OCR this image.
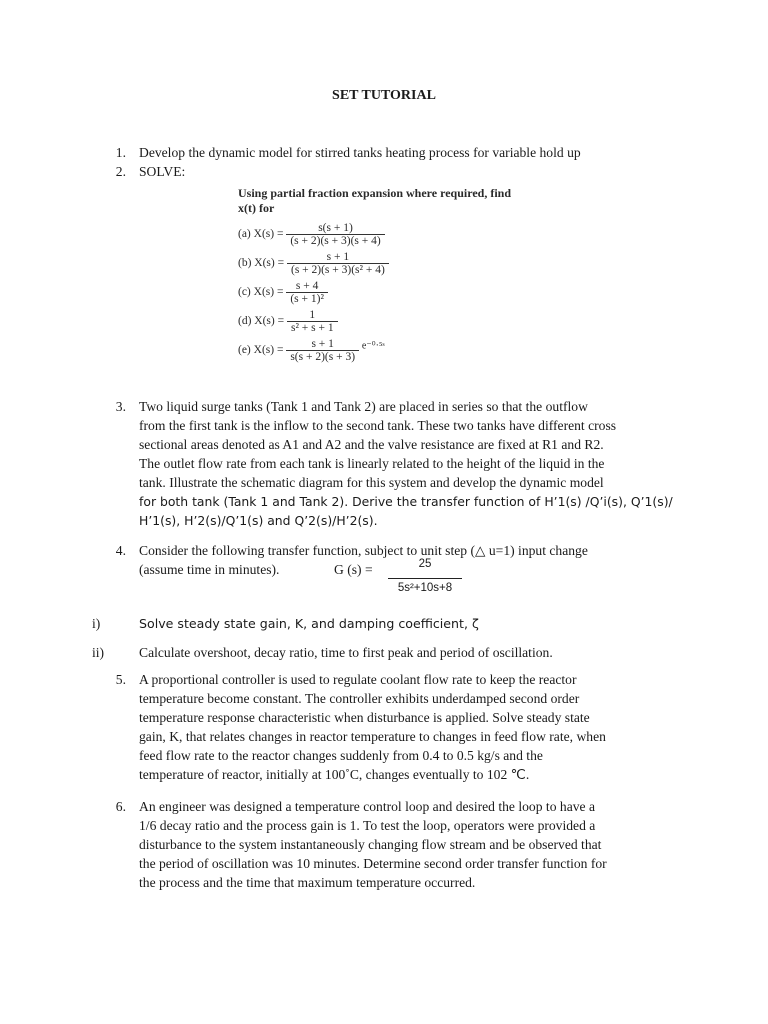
SET TUTORIAL
1. Develop the dynamic model for stirred tanks heating process for variable hold up
2. SOLVE:
Using partial fraction expansion where required, find
x(t) for
(a) $X(s) = \frac{s(s + 1)}{(s + 2)(s + 3)(s + 4)}$
(b) $X(s) = \frac{s + 1}{\text{(s + 2)(s + 3)(s² + 4)}}$
(c) $X(s) = \frac{s + 4}{\text{(s + 1)²}}$
(d) $X(s) = \frac{1}{\text{s² + s + 1}}$
(e) $X(s) = \frac{s + 1}{s(s + 2)(s + 3)}$ e⁻⁰·⁵ˢ
3. Two liquid surge tanks (Tank 1 and Tank 2) are placed in series so that the outflow
from the first tank is the inflow to the second tank. These two tanks have different cross
sectional areas denoted as A1 and A2 and the valve resistance are fixed at R1 and R2.
The outlet flow rate from each tank is linearly related to the height of the liquid in the
tank. Illustrate the schematic diagram for this system and develop the dynamic model
for both tank (Tank 1 and Tank 2). Derive the transfer function of H’1(s) /Q’i(s), Q’1(s)/
H’1(s), H’2(s)/Q’1(s) and Q’2(s)/H’2(s).
4. Consider the following transfer function, subject to unit step (△ u=1) input change
(assume time in minutes).	G (s) =	25
5s²+10s+8
i)	Solve steady state gain, K, and damping coefficient, ζ
ii)	Calculate overshoot, decay ratio, time to first peak and period of oscillation.
5. A proportional controller is used to regulate coolant flow rate to keep the reactor
temperature become constant. The controller exhibits underdamped second order
temperature response characteristic when disturbance is applied. Solve steady state
gain, K, that relates changes in reactor temperature to changes in feed flow rate, when
feed flow rate to the reactor changes suddenly from 0.4 to 0.5 kg/s and the
temperature of reactor, initially at 100˚C, changes eventually to 102 ℃.
6. An engineer was designed a temperature control loop and desired the loop to have a
1/6 decay ratio and the process gain is 1. To test the loop, operators were provided a
disturbance to the system instantaneously changing flow stream and be observed that
the period of oscillation was 10 minutes. Determine second order transfer function for
the process and the time that maximum temperature occurred.
